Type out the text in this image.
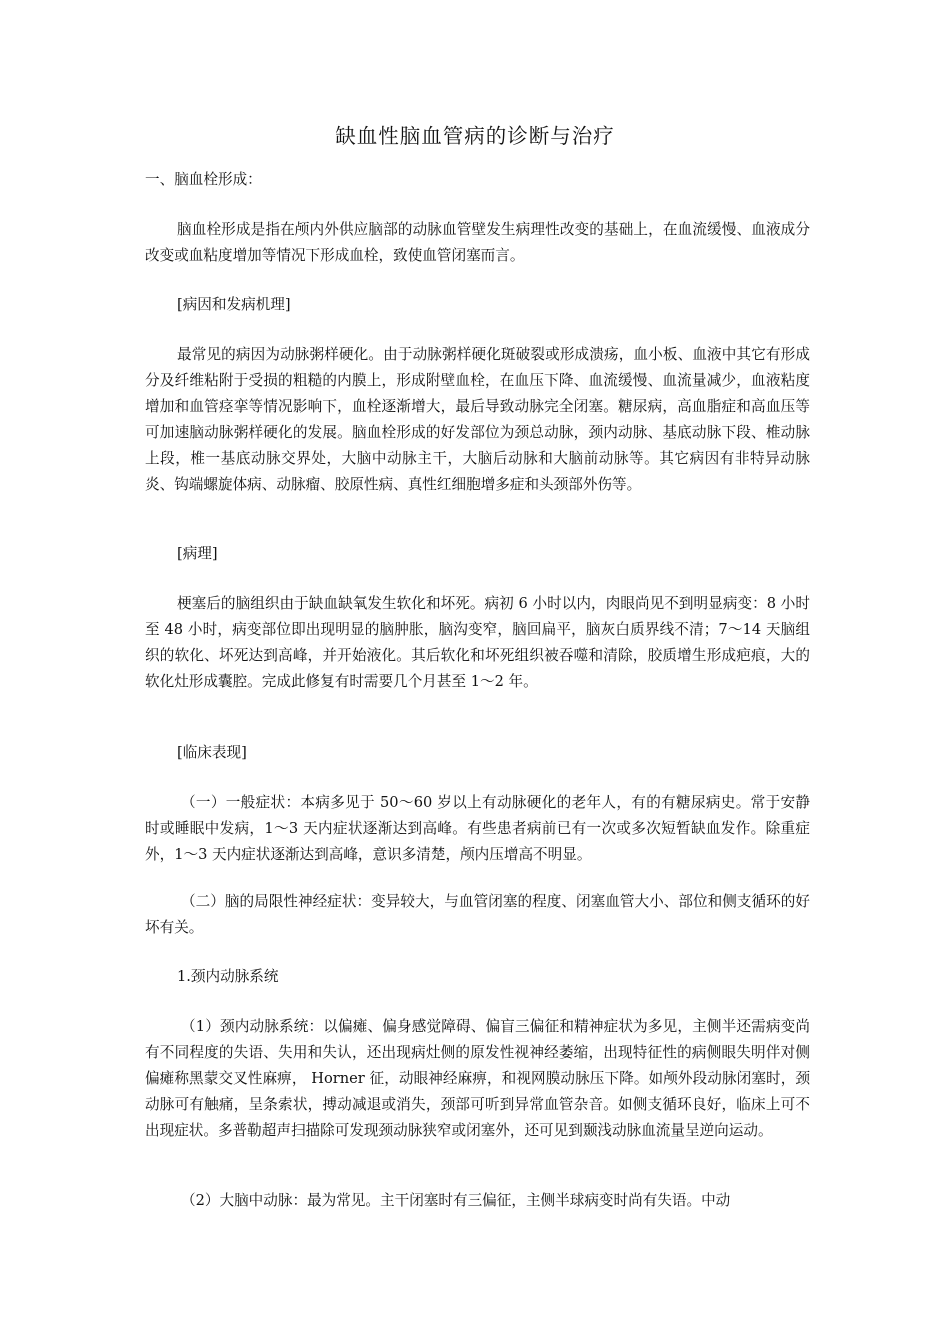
缺血性脑血管病的诊断与治疗

一、脑血栓形成：

脑血栓形成是指在颅内外供应脑部的动脉血管壁发生病理性改变的基础上，在血流缓慢、血液成分改变或血粘度增加等情况下形成血栓，致使血管闭塞而言。

[病因和发病机理]

最常见的病因为动脉粥样硬化。由于动脉粥样硬化斑破裂或形成溃疡，血小板、血液中其它有形成分及纤维粘附于受损的粗糙的内膜上，形成附壁血栓，在血压下降、血流缓慢、血流量减少，血液粘度增加和血管痉挛等情况影响下，血栓逐渐增大，最后导致动脉完全闭塞。糖尿病，高血脂症和高血压等可加速脑动脉粥样硬化的发展。脑血栓形成的好发部位为颈总动脉，颈内动脉、基底动脉下段、椎动脉上段，椎一基底动脉交界处，大脑中动脉主干，大脑后动脉和大脑前动脉等。其它病因有非特异动脉炎、钩端螺旋体病、动脉瘤、胶原性病、真性红细胞增多症和头颈部外伤等。

[病理]

梗塞后的脑组织由于缺血缺氧发生软化和坏死。病初 6 小时以内，肉眼尚见不到明显病变：8 小时至 48 小时，病变部位即出现明显的脑肿胀，脑沟变窄，脑回扁平，脑灰白质界线不清；7～14 天脑组织的软化、坏死达到高峰，并开始液化。其后软化和坏死组织被吞噬和清除，胶质增生形成疤痕，大的软化灶形成囊腔。完成此修复有时需要几个月甚至 1～2 年。

[临床表现]

（一）一般症状：本病多见于 50～60 岁以上有动脉硬化的老年人，有的有糖尿病史。常于安静时或睡眠中发病，1～3 天内症状逐渐达到高峰。有些患者病前已有一次或多次短暂缺血发作。除重症外，1～3 天内症状逐渐达到高峰，意识多清楚，颅内压增高不明显。

（二）脑的局限性神经症状：变异较大，与血管闭塞的程度、闭塞血管大小、部位和侧支循环的好坏有关。

1.颈内动脉系统

（1）颈内动脉系统：以偏瘫、偏身感觉障碍、偏盲三偏征和精神症状为多见，主侧半还需病变尚有不同程度的失语、失用和失认，还出现病灶侧的原发性视神经萎缩，出现特征性的病侧眼失明伴对侧偏瘫称黑蒙交叉性麻痹， Horner 征，动眼神经麻痹，和视网膜动脉压下降。如颅外段动脉闭塞时，颈动脉可有触痛，呈条索状，搏动减退或消失，颈部可听到异常血管杂音。如侧支循环良好，临床上可不出现症状。多普勒超声扫描除可发现颈动脉狭窄或闭塞外，还可见到颞浅动脉血流量呈逆向运动。

（2）大脑中动脉：最为常见。主干闭塞时有三偏征，主侧半球病变时尚有失语。中动
